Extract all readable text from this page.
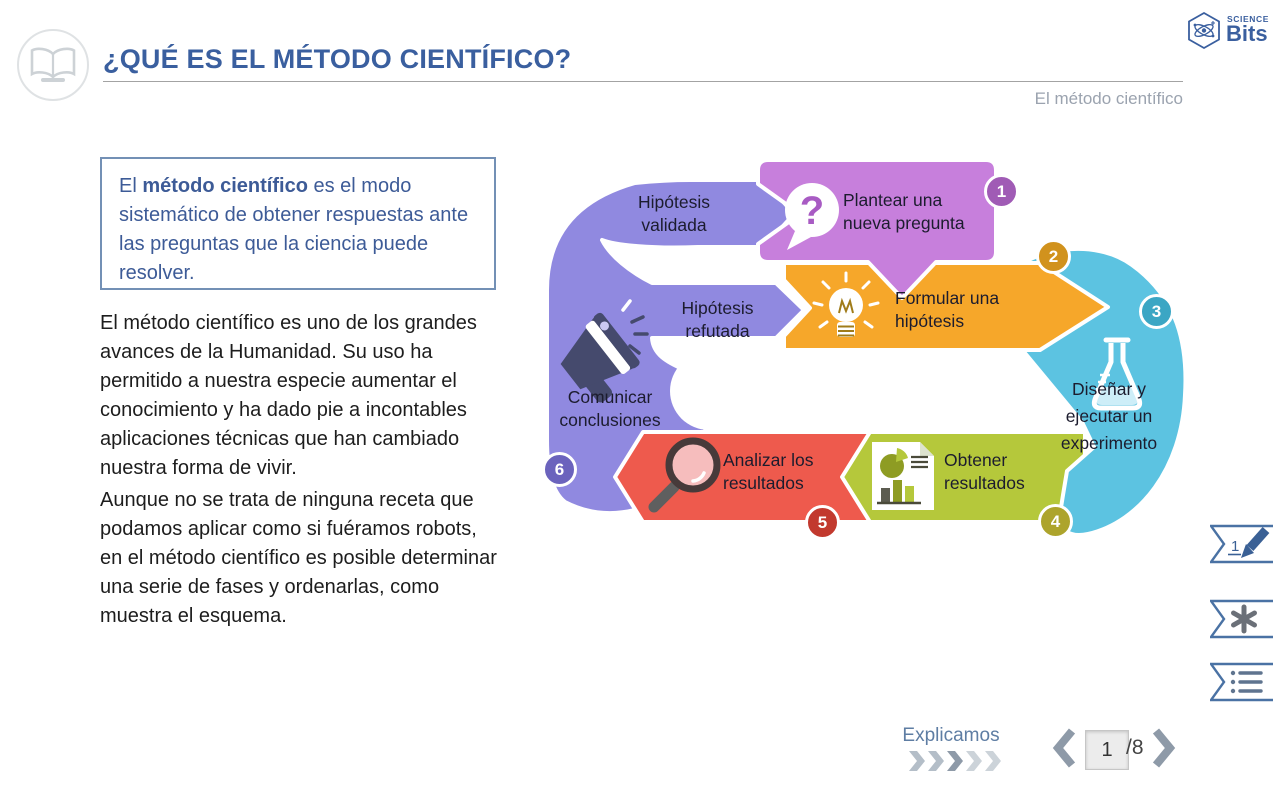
¿QUÉ ES EL MÉTODO CIENTÍFICO?
El método científico
SCIENCE
Bits
El método científico es el modo sistemático de obtener respuestas ante las preguntas que la ciencia puede resolver.
El método científico es uno de los grandes avances de la Humanidad. Su uso ha permitido a nuestra especie aumentar el conocimiento y ha dado pie a incontables aplicaciones técnicas que han cambiado nuestra forma de vivir.
Aunque no se trata de ninguna receta que podamos aplicar como si fuéramos robots, en el método científico es posible determinar una serie de fases y ordenarlas, como muestra el esquema.
?
Hipótesis
validada
Plantear una
nueva pregunta
Formular una
hipótesis
Hipótesis
refutada
Diseñar y
ejecutar un
experimento
Comunicar
conclusiones
Analizar los
resultados
Obtener
resultados
1
2
3
4
5
6
1
Explicamos
1
/8
